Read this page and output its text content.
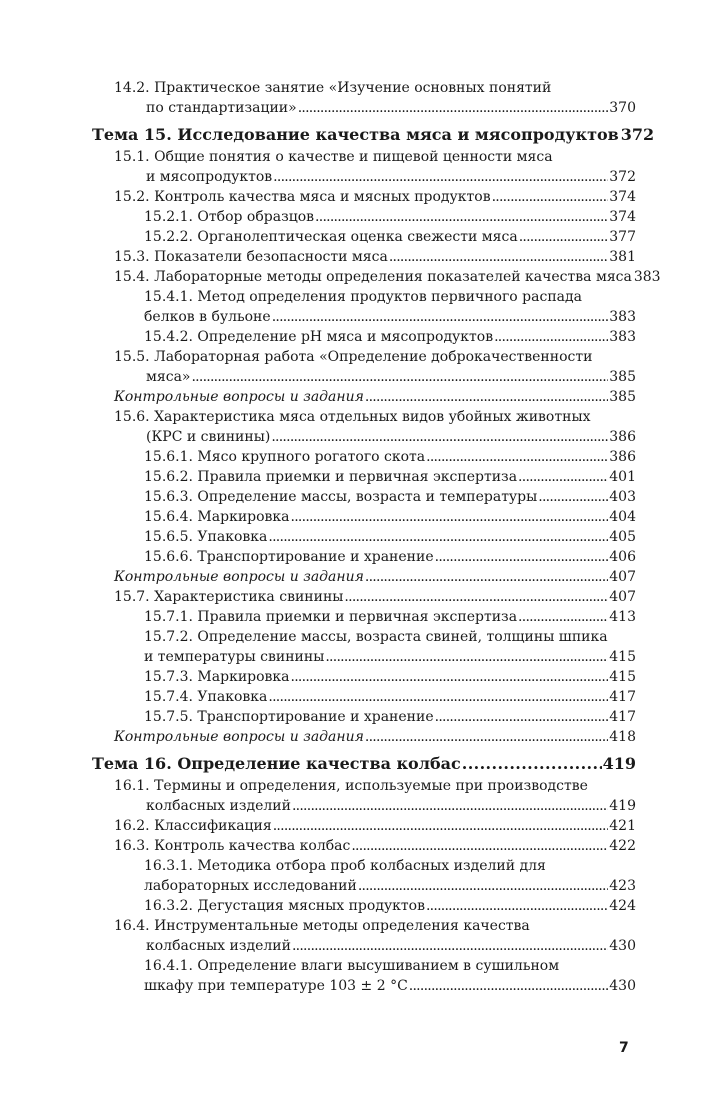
14.2. Практическое занятие «Изучение основных понятий
по стандартизации» . . .	370
Тема 15. Исследование качества мяса и мясопродуктов 372
15.1. Общие понятия о качестве и пищевой ценности мяса
и мясопродуктов . . .	372
15.2. Контроль качества мяса и мясных продуктов . . .	374
15.2.1. Отбор образцов . . .	374
15.2.2. Органолептическая оценка свежести мяса . . .	377
15.3. Показатели безопасности мяса . . .	381
15.4. Лабораторные методы определения показателей качества мяса 383
15.4.1. Метод определения продуктов первичного распада
белков в бульоне . . .	383
15.4.2. Определение pH мяса и мясопродуктов . . .	383
15.5. Лабораторная работа «Определение доброкачественности
мяса» . . .	385
Контрольные вопросы и задания . . .	385
15.6. Характеристика мяса отдельных видов убойных животных
(КРС и свинины) . . .	386
15.6.1. Мясо крупного рогатого скота . . .	386
15.6.2. Правила приемки и первичная экспертиза . . .	401
15.6.3. Определение массы, возраста и температуры . . .	403
15.6.4. Маркировка . . .	404
15.6.5. Упаковка . . .	405
15.6.6. Транспортирование и хранение . . .	406
Контрольные вопросы и задания . . .	407
15.7. Характеристика свинины . . .	407
15.7.1. Правила приемки и первичная экспертиза . . .	413
15.7.2. Определение массы, возраста свиней, толщины шпика
и температуры свинины . . .	415
15.7.3. Маркировка . . .	415
15.7.4. Упаковка . . .	417
15.7.5. Транспортирование и хранение . . .	417
Контрольные вопросы и задания . . .	418
Тема 16. Определение качества колбас . . .	419
16.1. Термины и определения, используемые при производстве
колбасных изделий . . .	419
16.2. Классификация . . .	421
16.3. Контроль качества колбас . . .	422
16.3.1. Методика отбора проб колбасных изделий для
лабораторных исследований . . .	423
16.3.2. Дегустация мясных продуктов . . .	424
16.4. Инструментальные методы определения качества
колбасных изделий . . .	430
16.4.1. Определение влаги высушиванием в сушильном
шкафу при температуре 103 ± 2 °С . . .	430
7
